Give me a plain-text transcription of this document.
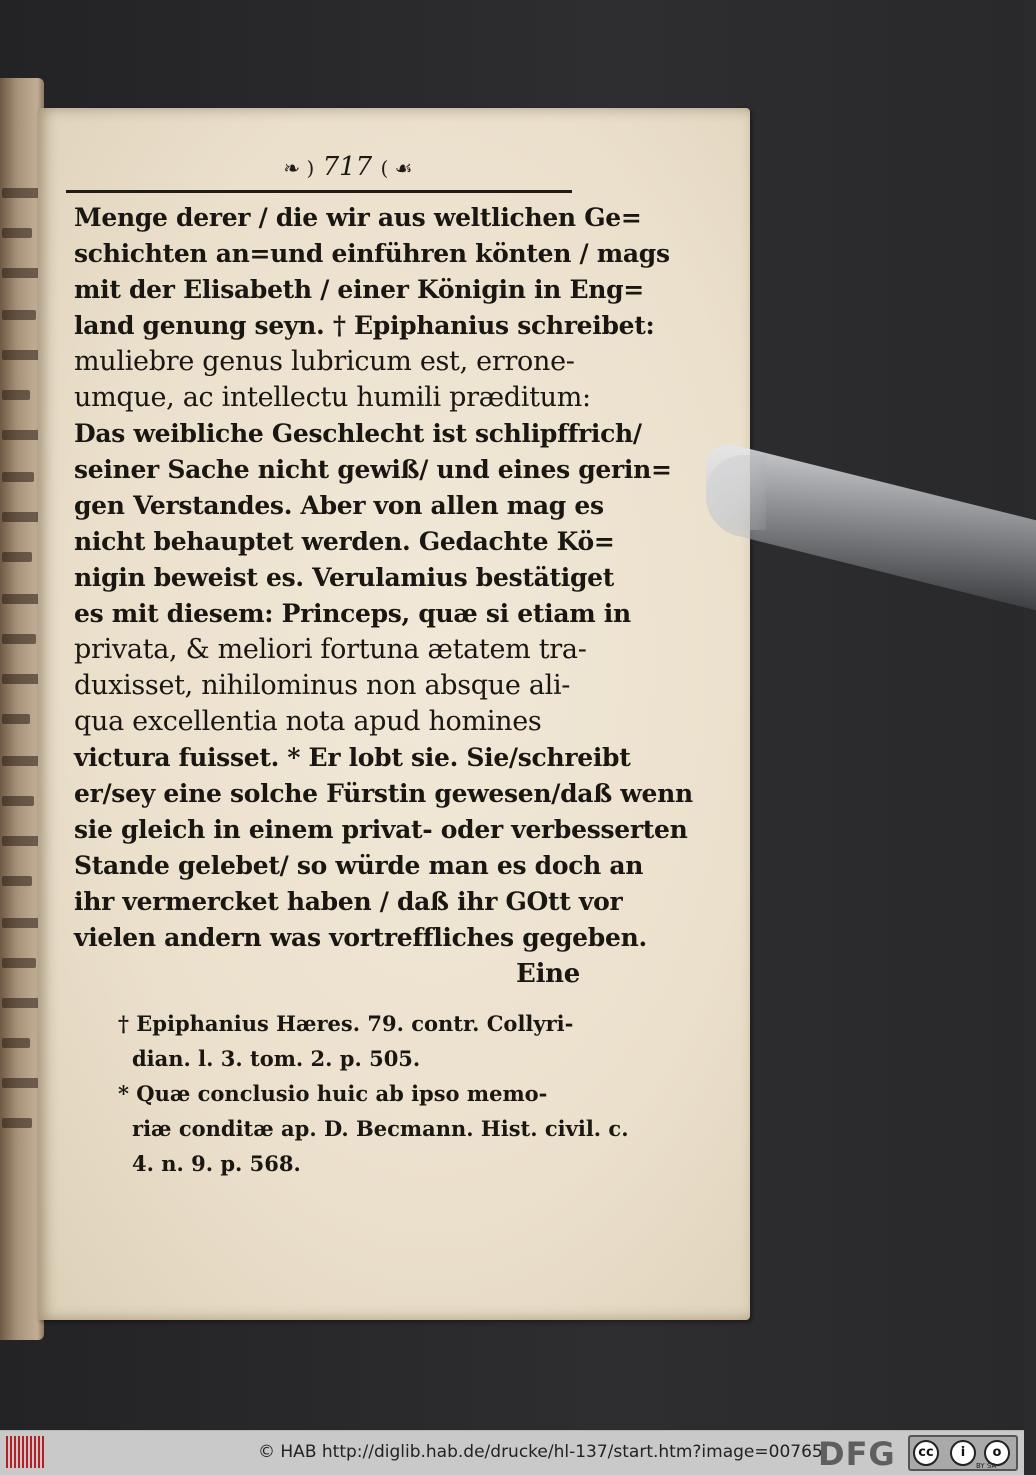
❧ ) 717 ( ☙
Menge derer / die wir aus weltlichen Ge=
schichten an=und einführen könten / mags
mit der Elisabeth / einer Königin in Eng=
land genung seyn. † Epiphanius schreibet:
muliebre genus lubricum est, errone-
umque, ac intellectu humili præditum:
Das weibliche Geschlecht ist schlipffrich/
seiner Sache nicht gewiß/ und eines gerin=
gen Verstandes. Aber von allen mag es
nicht behauptet werden. Gedachte Kö=
nigin beweist es. Verulamius bestätiget
es mit diesem: Princeps, quæ si etiam in
privata, & meliori fortuna ætatem tra-
duxisset, nihilominus non absque ali-
qua excellentia nota apud homines
victura fuisset. * Er lobt sie. Sie/schreibt
er/sey eine solche Fürstin gewesen/daß wenn
sie gleich in einem privat- oder verbesserten
Stande gelebet/ so würde man es doch an
ihr vermercket haben / daß ihr GOtt vor
vielen andern was vortreffliches gegeben.
Eine
† Epiphanius Hæres. 79. contr. Collyri-
dian. l. 3. tom. 2. p. 505.
* Quæ conclusio huic ab ipso memo-
riæ conditæ ap. D. Becmann. Hist. civil. c.
4. n. 9. p. 568.
© HAB http://diglib.hab.de/drucke/hl-137/start.htm?image=00765
DFG	cc	i	o
BY SA
